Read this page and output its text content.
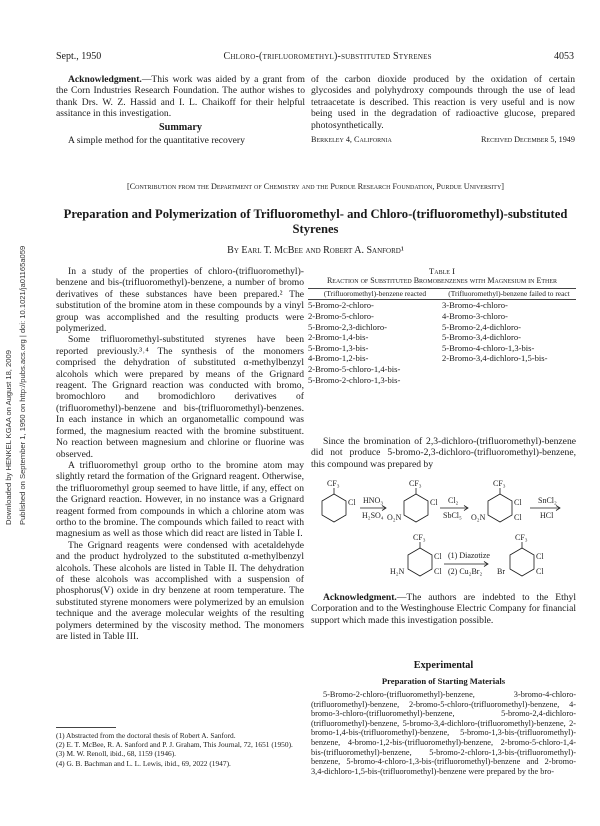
Downloaded by HENKEL KGAA on August 18, 2009 Published on September 1, 1950 on http://pubs.acs.org | doi: 10.1021/ja01165a059
Sept., 1950	Chloro-(trifluoromethyl)-substituted Styrenes	4053

Acknowledgment.—This work was aided by a grant from the Corn Industries Research Foundation. The author wishes to thank Drs. W. Z. Hassid and I. L. Chaikoff for their helpful assitance in this investigation.

Summary

A simple method for the quantitative recovery

of the carbon dioxide produced by the oxidation of certain glycosides and polyhydroxy compounds through the use of lead tetraacetate is described. This reaction is very useful and is now being used in the degradation of radioactive glucose, prepared photosynthetically.

Berkeley 4, California	Received December 5, 1949
[Contribution from the Department of Chemistry and the Purdue Research Foundation, Purdue University]
Preparation and Polymerization of Trifluoromethyl- and Chloro-(trifluoromethyl)-substituted Styrenes
By Earl T. McBee and Robert A. Sanford¹

In a study of the properties of chloro-(trifluoromethyl)-benzene and bis-(trifluoromethyl)-benzene, a number of bromo derivatives of these substances have been prepared.² The substitution of the bromine atom in these compounds by a vinyl group was accomplished and the resulting products were polymerized.

Some trifluoromethyl-substituted styrenes have been reported previously.³˒⁴ The synthesis of the monomers comprised the dehydration of substituted α-methylbenzyl alcohols which were prepared by means of the Grignard reagent. The Grignard reaction was conducted with bromo, bromochloro and bromodichloro derivatives of (trifluoromethyl)-benzene and bis-(trifluoromethyl)-benzenes. In each instance in which an organometallic compound was formed, the magnesium reacted with the bromine substituent. No reaction between magnesium and chlorine or fluorine was observed.

A trifluoromethyl group ortho to the bromine atom may slightly retard the formation of the Grignard reagent. Otherwise, the trifluoromethyl group seemed to have little, if any, effect on the Grignard reaction. However, in no instance was a Grignard reagent formed from compounds in which a chlorine atom was ortho to the bromine. The compounds which failed to react with magnesium as well as those which did react are listed in Table I.

The Grignard reagents were condensed with acetaldehyde and the product hydrolyzed to the substituted α-methylbenzyl alcohols. These alcohols are listed in Table II. The dehydration of these alcohols was accomplished with a suspension of phosphorus(V) oxide in dry benzene at room temperature. The substituted styrene monomers were polymerized by an emulsion technique and the average molecular weights of the resulting polymers determined by the viscosity method. The monomers are listed in Table III.

(1) Abstracted from the doctoral thesis of Robert A. Sanford.
(2) E. T. McBee, R. A. Sanford and P. J. Graham, This Journal, 72, 1651 (1950).
(3) M. W. Renoll, ibid., 68, 1159 (1946).
(4) G. B. Bachman and L. L. Lewis, ibid., 69, 2022 (1947).
Table I
Reaction of Substituted Bromobenzenes with Magnesium in Ether
(Trifluoromethyl)-benzene reacted	(Trifluoromethyl)-benzene failed to react
5-Bromo-2-chloro-	3-Bromo-4-chloro-
2-Bromo-5-chloro-	4-Bromo-3-chloro-
5-Bromo-2,3-dichloro-	5-Bromo-2,4-dichloro-
2-Bromo-1,4-bis-	5-Bromo-3,4-dichloro-
5-Bromo-1,3-bis-	5-Bromo-4-chloro-1,3-bis-
4-Bromo-1,2-bis-	2-Bromo-3,4-dichloro-1,5-bis-
2-Bromo-5-chloro-1,4-bis-	
5-Bromo-2-chloro-1,3-bis-	

Since the bromination of 2,3-dichloro-(trifluoromethyl)-benzene did not produce 5-bromo-2,3-dichloro-(trifluoromethyl)-benzene, this compound was prepared by

CF₃
Cl HNO₃
H₂SO₄
CF₃
Cl
O₂N
Cl₂
SbCl₅
CF₃
Cl
Cl
O₂N
SnCl₂
HCl
CF₃
Cl
Cl
H₂N
(1) Diazotize
(2) Cu₂Br₂
CF₃
Cl
Cl
Br

Acknowledgment.—The authors are indebted to the Ethyl Corporation and to the Westinghouse Electric Company for financial support which made this investigation possible.

Experimental
Preparation of Starting Materials
5-Bromo-2-chloro-(trifluoromethyl)-benzene, 3-bromo-4-chloro-(trifluoromethyl)-benzene, 2-bromo-5-chloro-(trifluoromethyl)-benzene, 4-bromo-3-chloro-(trifluoromethyl)-benzene, 5-bromo-2,4-dichloro-(trifluoromethyl)-benzene, 5-bromo-3,4-dichloro-(trifluoromethyl)-benzene, 2-bromo-1,4-bis-(trifluoromethyl)-benzene, 5-bromo-1,3-bis-(trifluoromethyl)-benzene, 4-bromo-1,2-bis-(trifluoromethyl)-benzene, 2-bromo-5-chloro-1,4-bis-(trifluoromethyl)-benzene, 5-bromo-2-chloro-1,3-bis-(trifluoromethyl)-benzene, 5-bromo-4-chloro-1,3-bis-(trifluoromethyl)-benzene and 2-bromo-3,4-dichloro-1,5-bis-(trifluoromethyl)-benzene were prepared by the bro-
